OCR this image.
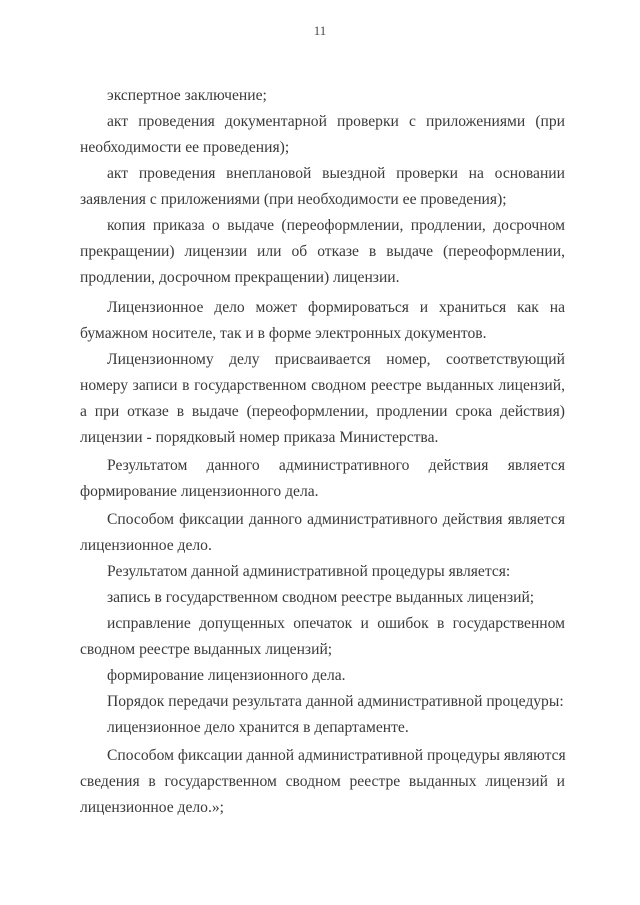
11
экспертное заключение;
акт проведения документарной проверки с приложениями (при
необходимости ее проведения);
акт проведения внеплановой выездной проверки на основании
заявления с приложениями (при необходимости ее проведения);
копия приказа о выдаче (переоформлении, продлении, досрочном
прекращении) лицензии или об отказе в выдаче (переоформлении,
продлении, досрочном прекращении) лицензии.
Лицензионное дело может формироваться и храниться как на
бумажном носителе, так и в форме электронных документов.
Лицензионному делу присваивается номер, соответствующий
номеру записи в государственном сводном реестре выданных лицензий,
а при отказе в выдаче (переоформлении, продлении срока действия)
лицензии - порядковый номер приказа Министерства.
Результатом данного административного действия является
формирование лицензионного дела.
Способом фиксации данного административного действия является
лицензионное дело.
Результатом данной административной процедуры является:
запись в государственном сводном реестре выданных лицензий;
исправление допущенных опечаток и ошибок в государственном
сводном реестре выданных лицензий;
формирование лицензионного дела.
Порядок передачи результата данной административной процедуры:
лицензионное дело хранится в департаменте.
Способом фиксации данной административной процедуры являются
сведения в государственном сводном реестре выданных лицензий и
лицензионное дело.»;
